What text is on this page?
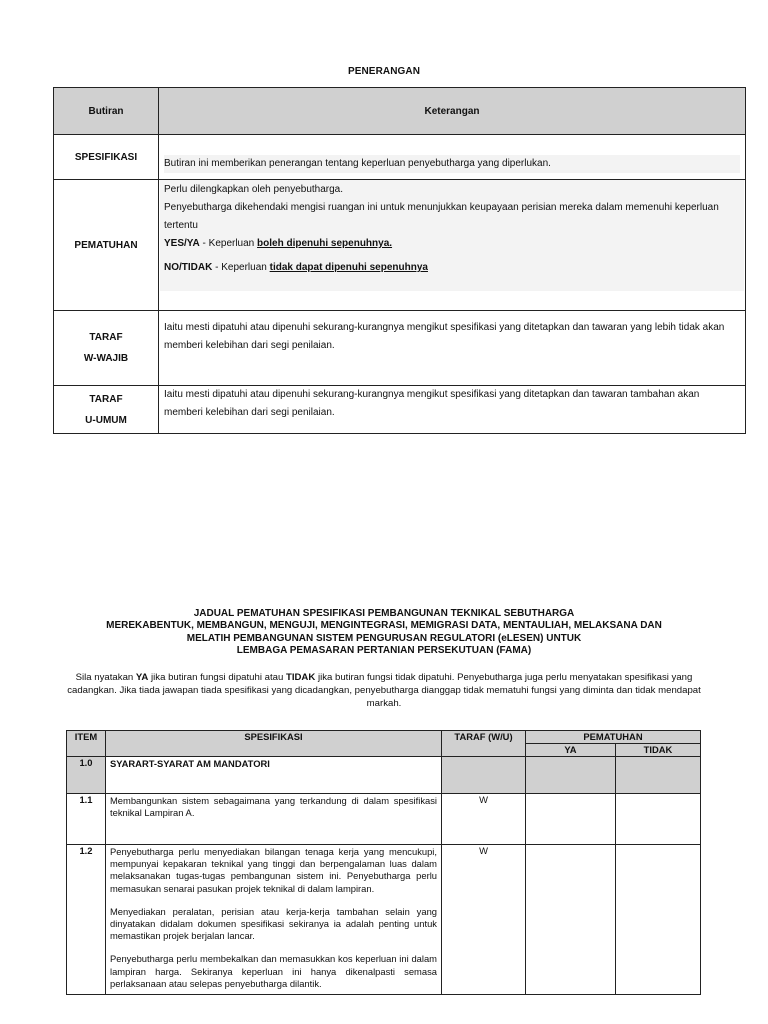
PENERANGAN
Butiran	Keterangan
SPESIFIKASI	Butiran ini memberikan penerangan tentang keperluan penyebutharga yang diperlukan.

PEMATUHAN	Perlu dilengkapkan oleh penyebutharga.
Penyebutharga dikehendaki mengisi ruangan ini untuk menunjukkan keupayaan perisian mereka dalam memenuhi keperluan tertentu
YES/YA - Keperluan boleh dipenuhi sepenuhnya.
NO/TIDAK - Keperluan tidak dapat dipenuhi sepenuhnya

TARAF
W-WAJIB	Iaitu mesti dipatuhi atau dipenuhi sekurang-kurangnya mengikut spesifikasi yang ditetapkan dan tawaran yang lebih tidak akan memberi kelebihan dari segi penilaian.

TARAF
U-UMUM	Iaitu mesti dipatuhi atau dipenuhi sekurang-kurangnya mengikut spesifikasi yang ditetapkan dan tawaran tambahan akan memberi kelebihan dari segi penilaian.
JADUAL PEMATUHAN SPESIFIKASI PEMBANGUNAN TEKNIKAL SEBUTHARGA
MEREKABENTUK, MEMBANGUN, MENGUJI, MENGINTEGRASI, MEMIGRASI DATA, MENTAULIAH, MELAKSANA DAN
MELATIH PEMBANGUNAN SISTEM PENGURUSAN REGULATORI (eLESEN) UNTUK
LEMBAGA PEMASARAN PERTANIAN PERSEKUTUAN (FAMA)
Sila nyatakan YA jika butiran fungsi dipatuhi atau TIDAK jika butiran fungsi tidak dipatuhi. Penyebutharga juga perlu menyatakan spesifikasi yang cadangkan. Jika tiada jawapan tiada spesifikasi yang dicadangkan, penyebutharga dianggap tidak mematuhi fungsi yang diminta dan tidak mendapat markah.
ITEM	SPESIFIKASI	TARAF (W/U)	PEMATUHAN	
			YA	TIDAK
1.0	SYARART-SYARAT AM MANDATORI			
1.1	Membangunkan sistem sebagaimana yang terkandung di dalam spesifikasi teknikal Lampiran A.	W		
1.2	Penyebutharga perlu menyediakan bilangan tenaga kerja yang mencukupi, mempunyai kepakaran teknikal yang tinggi dan berpengalaman luas dalam melaksanakan tugas-tugas pembangunan sistem ini. Penyebutharga perlu memasukan senarai pasukan projek teknikal di dalam lampiran.
Menyediakan peralatan, perisian atau kerja-kerja tambahan selain yang dinyatakan didalam dokumen spesifikasi sekiranya ia adalah penting untuk memastikan projek berjalan lancar.
Penyebutharga perlu membekalkan dan memasukkan kos keperluan ini dalam lampiran harga. Sekiranya keperluan ini hanya dikenalpasti semasa perlaksanaan atau selepas penyebutharga dilantik.	W		
